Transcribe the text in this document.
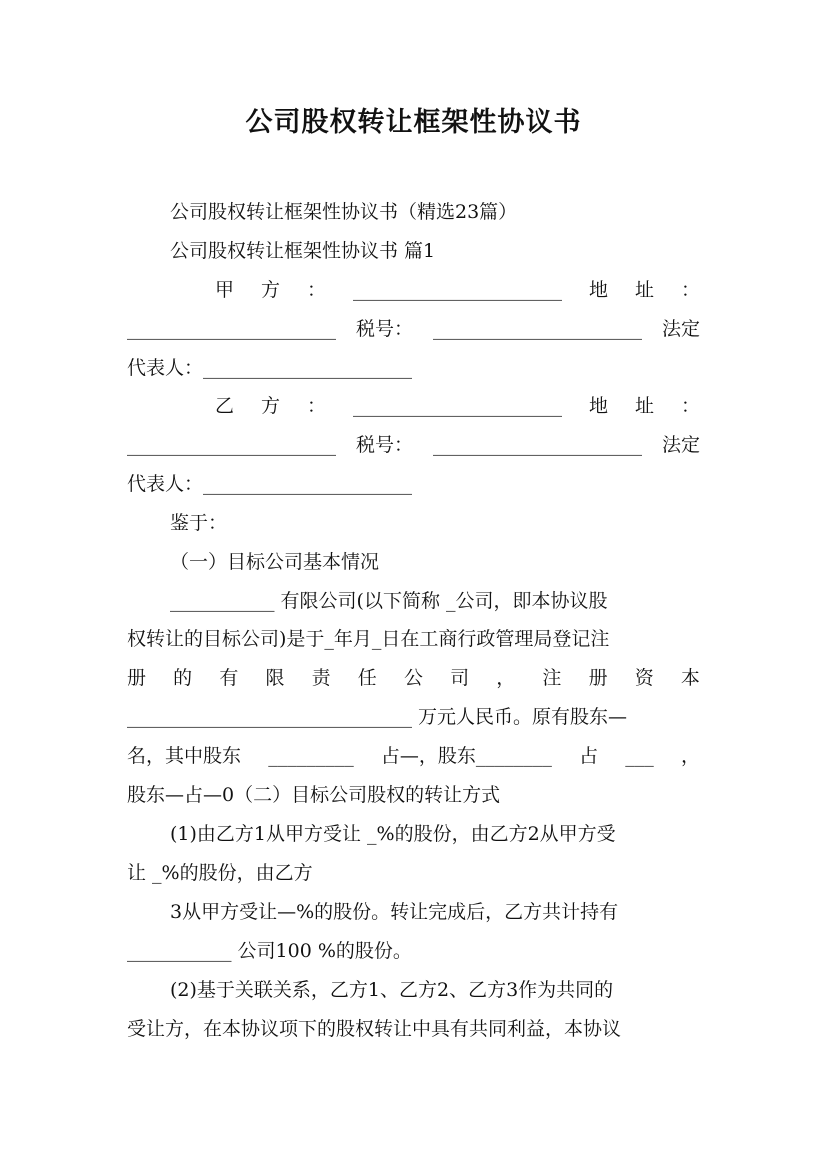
公司股权转让框架性协议书
公司股权转让框架性协议书（精选23篇）
公司股权转让框架性协议书 篇1
甲 方 ： ______________________ 地 址 ：
______________________ 税号： ______________________ 法定
代表人：______________________
乙 方 ： ______________________ 地 址 ：
______________________ 税号： ______________________ 法定
代表人：______________________
鉴于：
（一）目标公司基本情况
___________ 有限公司(以下简称 _公司，即本协议股
权转让的目标公司)是于_年月_日在工商行政管理局登记注
册 的 有 限 责 任 公 司 ， 注 册 资 本
______________________________ 万元人民币。原有股东—
名，其中股东 _________ 占—，股东________ 占 ___ ，
股东—占—0（二）目标公司股权的转让方式
(1)由乙方1从甲方受让 _%的股份，由乙方2从甲方受
让 _%的股份，由乙方
3从甲方受让—%的股份。转让完成后，乙方共计持有
___________ 公司100 %的股份。
(2)基于关联关系，乙方1、乙方2、乙方3作为共同的
受让方，在本协议项下的股权转让中具有共同利益，本协议
